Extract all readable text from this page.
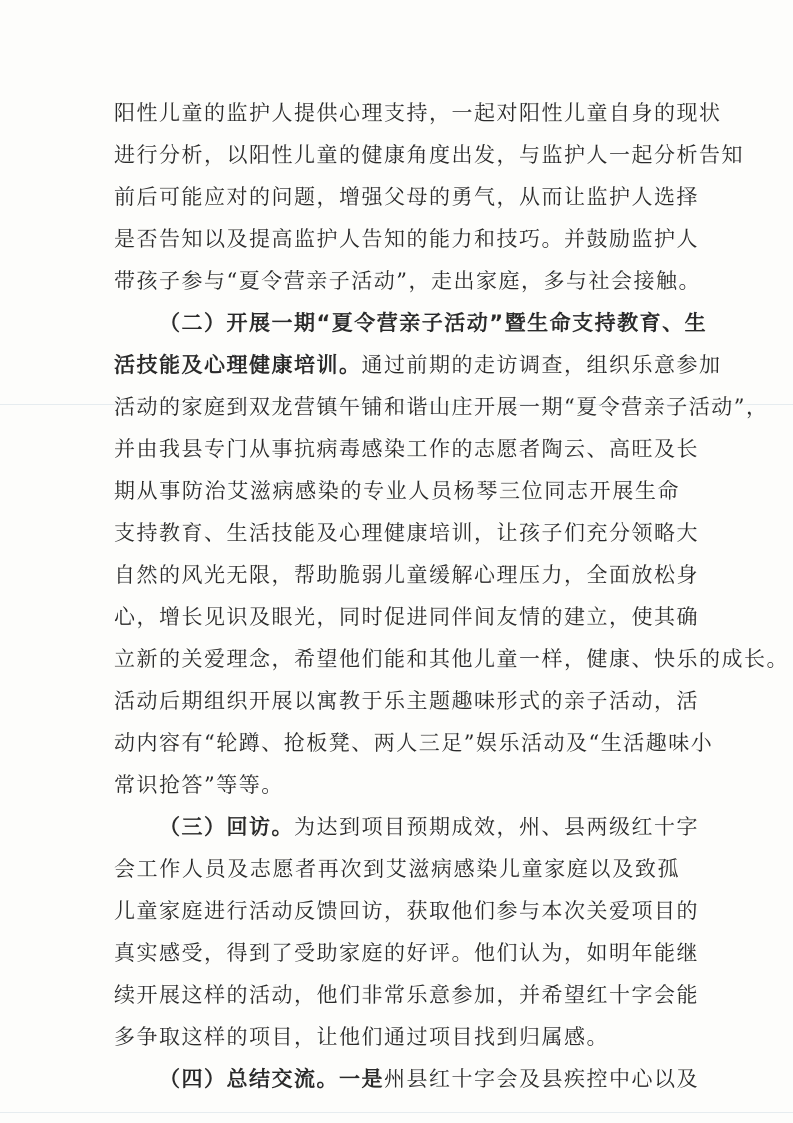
阳性儿童的监护人提供心理支持，一起对阳性儿童自身的现状
进行分析，以阳性儿童的健康角度出发，与监护人一起分析告知
前后可能应对的问题，增强父母的勇气，从而让监护人选择
是否告知以及提高监护人告知的能力和技巧。并鼓励监护人
带孩子参与“夏令营亲子活动”，走出家庭，多与社会接触。
（二）开展一期“夏令营亲子活动”暨生命支持教育、生
活技能及心理健康培训。通过前期的走访调查，组织乐意参加
活动的家庭到双龙营镇午铺和谐山庄开展一期“夏令营亲子活动”，
并由我县专门从事抗病毒感染工作的志愿者陶云、高旺及长
期从事防治艾滋病感染的专业人员杨琴三位同志开展生命
支持教育、生活技能及心理健康培训，让孩子们充分领略大
自然的风光无限，帮助脆弱儿童缓解心理压力，全面放松身
心，增长见识及眼光，同时促进同伴间友情的建立，使其确
立新的关爱理念，希望他们能和其他儿童一样，健康、快乐的成长。
活动后期组织开展以寓教于乐主题趣味形式的亲子活动，活
动内容有“轮蹲、抢板凳、两人三足”娱乐活动及“生活趣味小
常识抢答”等等。
（三）回访。为达到项目预期成效，州、县两级红十字
会工作人员及志愿者再次到艾滋病感染儿童家庭以及致孤
儿童家庭进行活动反馈回访，获取他们参与本次关爱项目的
真实感受，得到了受助家庭的好评。他们认为，如明年能继
续开展这样的活动，他们非常乐意参加，并希望红十字会能
多争取这样的项目，让他们通过项目找到归属感。
（四）总结交流。一是州县红十字会及县疾控中心以及
